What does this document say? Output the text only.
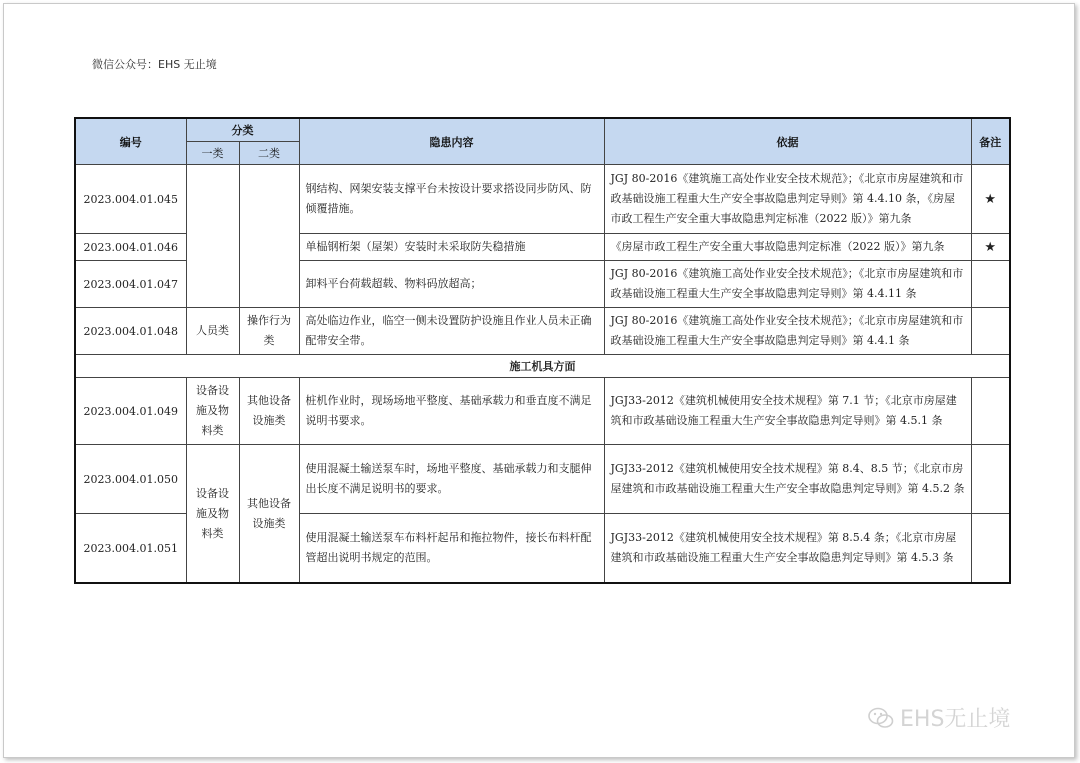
微信公众号：EHS 无止境
编号	分类		隐患内容	依据	备注
	一类	二类			
2023.004.01.045			钢结构、网架安装支撑平台未按设计要求搭设同步防风、防倾覆措施。	JGJ 80-2016《建筑施工高处作业安全技术规范》；《北京市房屋建筑和市政基础设施工程重大生产安全事故隐患判定导则》第 4.4.10 条，《房屋市政工程生产安全重大事故隐患判定标准（2022 版）》第九条	★
2023.004.01.046			单榀钢桁架（屋架）安装时未采取防失稳措施	《房屋市政工程生产安全重大事故隐患判定标准（2022 版）》第九条	★
2023.004.01.047			卸料平台荷载超载、物料码放超高；	JGJ 80-2016《建筑施工高处作业安全技术规范》；《北京市房屋建筑和市政基础设施工程重大生产安全事故隐患判定导则》第 4.4.11 条	
2023.004.01.048	人员类	操作行为类	高处临边作业，临空一侧未设置防护设施且作业人员未正确配带安全带。	JGJ 80-2016《建筑施工高处作业安全技术规范》；《北京市房屋建筑和市政基础设施工程重大生产安全事故隐患判定导则》第 4.4.1 条	
施工机具方面					
2023.004.01.049	设备设施及物料类	其他设备设施类	桩机作业时，现场场地平整度、基础承载力和垂直度不满足说明书要求。	JGJ33-2012《建筑机械使用安全技术规程》第 7.1 节；《北京市房屋建筑和市政基础设施工程重大生产安全事故隐患判定导则》第 4.5.1 条	
2023.004.01.050	设备设施及物料类	其他设备设施类	使用混凝土输送泵车时，场地平整度、基础承载力和支腿伸出长度不满足说明书的要求。	JGJ33-2012《建筑机械使用安全技术规程》第 8.4、8.5 节；《北京市房屋建筑和市政基础设施工程重大生产安全事故隐患判定导则》第 4.5.2 条	
2023.004.01.051			使用混凝土输送泵车布料杆起吊和拖拉物件，接长布料杆配管超出说明书规定的范围。	JGJ33-2012《建筑机械使用安全技术规程》第 8.5.4 条；《北京市房屋建筑和市政基础设施工程重大生产安全事故隐患判定导则》第 4.5.3 条	
EHS无止境
